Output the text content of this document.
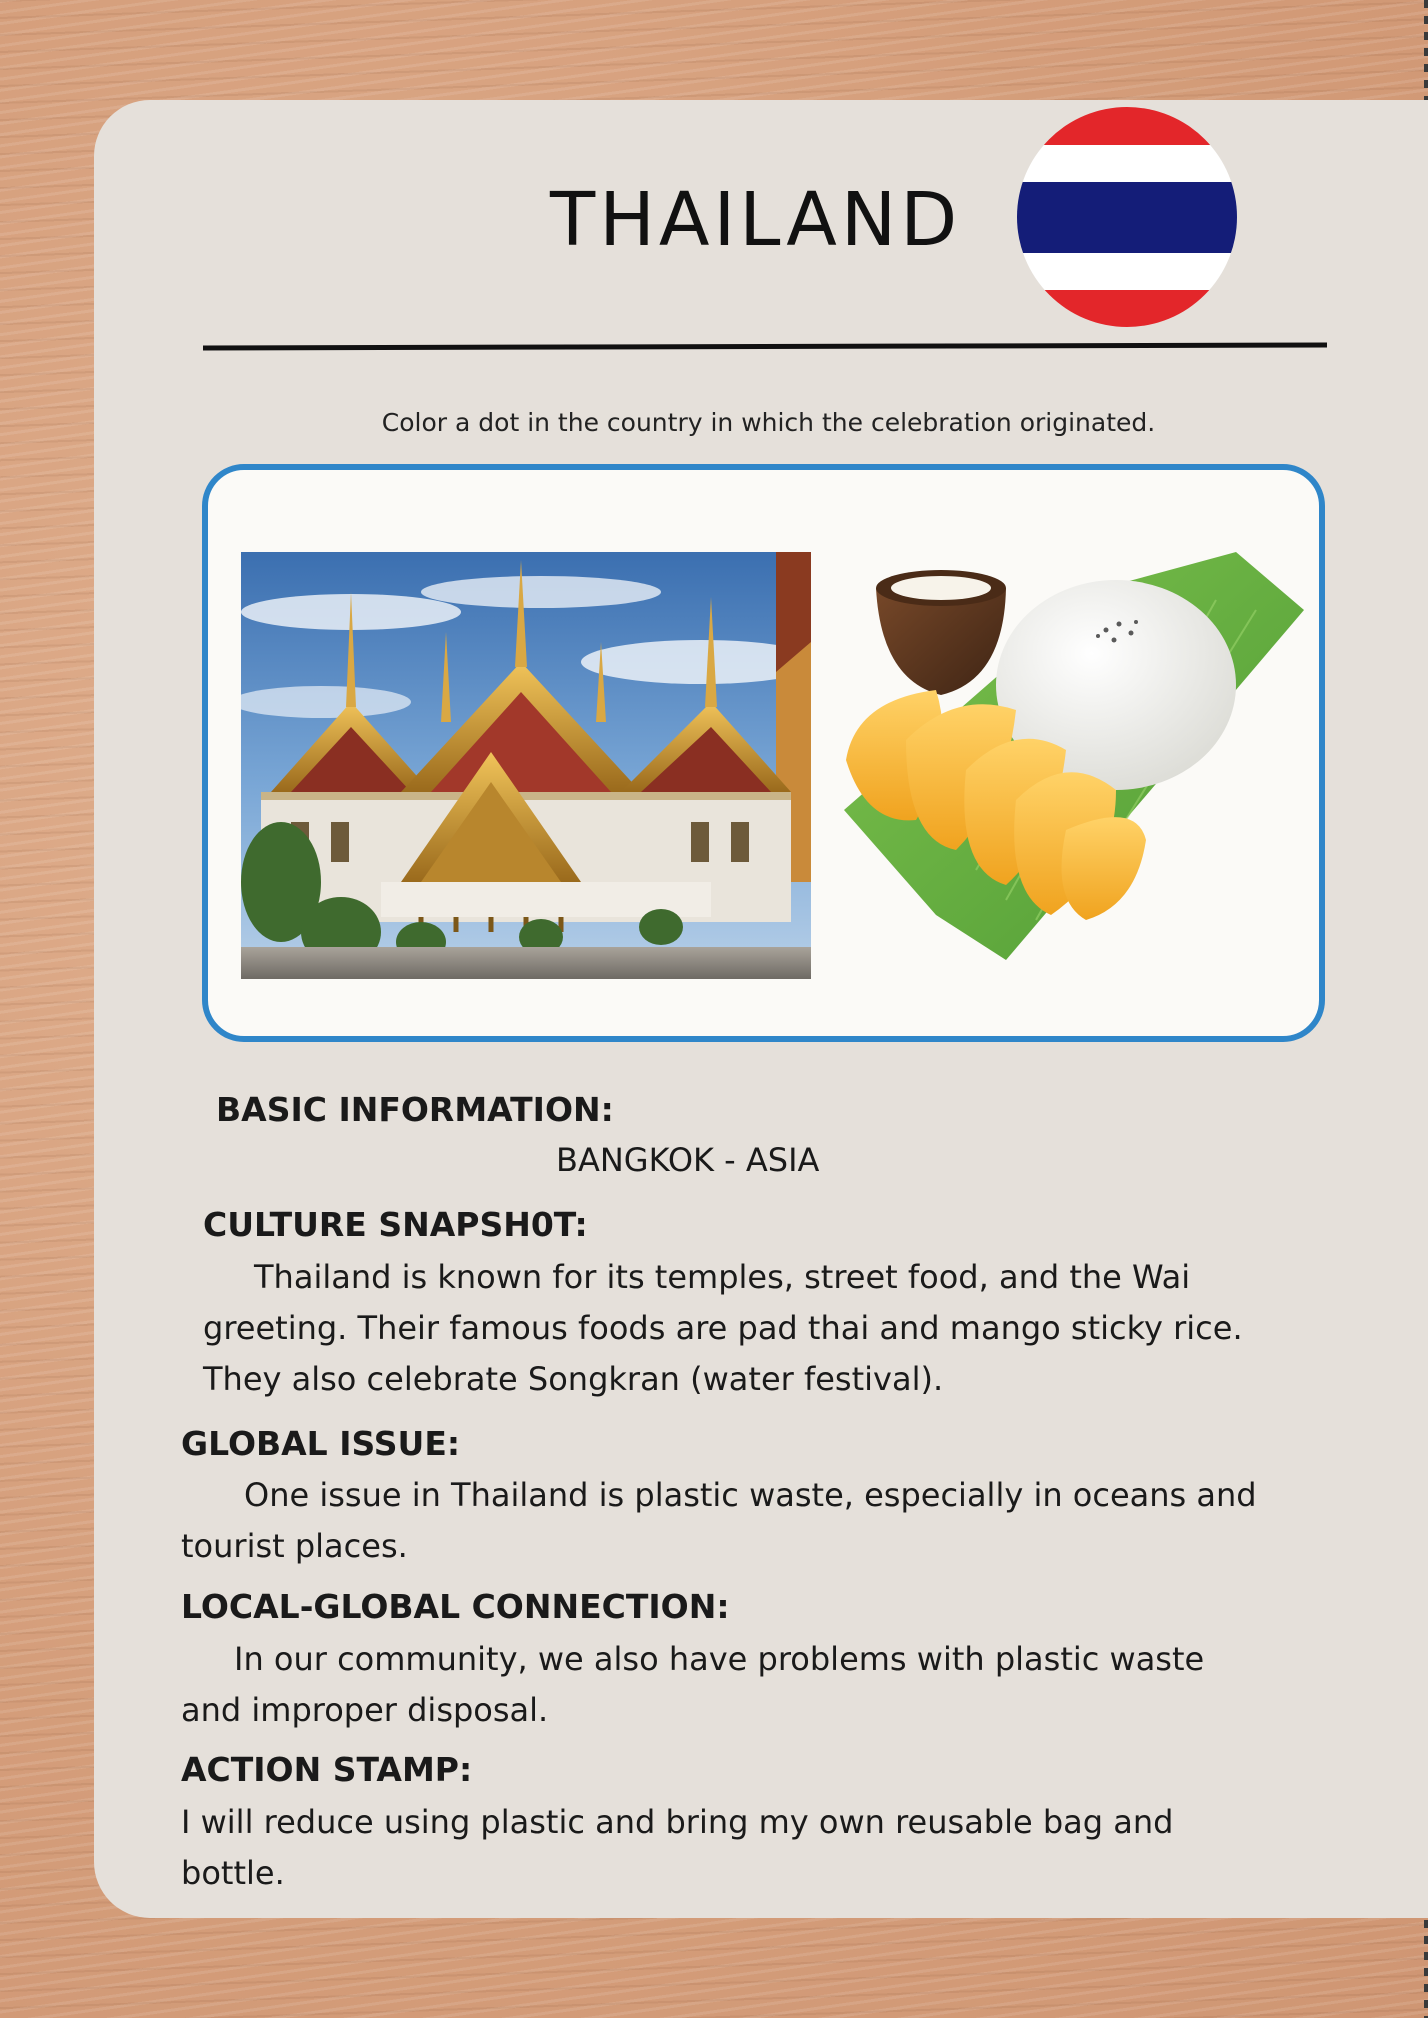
THAILAND
Color a dot in the country in which the celebration originated.
BASIC INFORMATION:

BANGKOK - ASIA

CULTURE SNAPSH0T:

Thailand is known for its temples, street food, and the Wai

greeting. Their famous foods are pad thai and mango sticky rice.

They also celebrate Songkran (water festival).

GLOBAL ISSUE:

One issue in Thailand is plastic waste, especially in oceans and

tourist places.

LOCAL-GLOBAL CONNECTION:

In our community, we also have problems with plastic waste

and improper disposal.

ACTION STAMP:

I will reduce using plastic and bring my own reusable bag and

bottle.
